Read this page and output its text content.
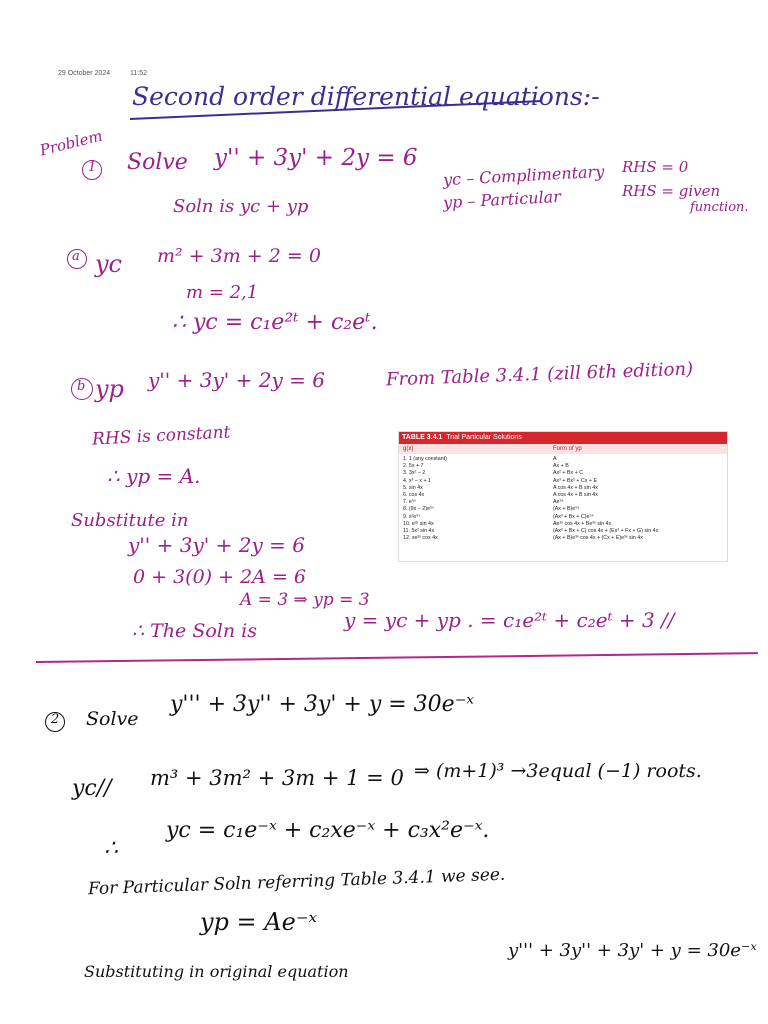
29 October 2024	11:52
Second order differential equations:-
Problem
1 Solve y'' + 3y' + 2y = 6
Soln is yc + yp
yc – Complimentary
yp – Particular
RHS = 0
RHS = given
function.
a yc m² + 3m + 2 = 0
m = 2,1
∴ yc = c₁e²ᵗ + c₂eᵗ.
b yp y'' + 3y' + 2y = 6	From Table 3.4.1 (zill 6th edition)
RHS is constant
∴ yp = A.
Substitute in
y'' + 3y' + 2y = 6
0 + 3(0) + 2A = 6
A = 3 ⇒ yp = 3
∴ The Soln is	y = yc + yp . = c₁e²ᵗ + c₂eᵗ + 3 //
TABLE 3.4.1 Trial Particular Solutions
g(x)	Form of yp
1. 1 (any constant)	A
2. 5x + 7	Ax + B
3. 3x² − 2	Ax² + Bx + C
4. x³ − x + 1	Ax³ + Bx² + Cx + E
5. sin 4x	A cos 4x + B sin 4x
6. cos 4x	A cos 4x + B sin 4x
7. e⁵ˣ	Ae⁵ˣ
8. (9x − 2)e⁵ˣ	(Ax + B)e⁵ˣ
9. x²e⁵ˣ	(Ax² + Bx + C)e⁵ˣ
10. e³ˣ sin 4x	Ae³ˣ cos 4x + Be³ˣ sin 4x
11. 5x² sin 4x	(Ax² + Bx + C) cos 4x + (Ex² + Fx + G) sin 4x
12. xe³ˣ cos 4x	(Ax + B)e³ˣ cos 4x + (Cx + E)e³ˣ sin 4x
2 Solve
y''' + 3y'' + 3y' + y = 30e⁻ˣ
yc// m³ + 3m² + 3m + 1 = 0 ⇒ (m+1)³ →3equal (−1) roots.
∴
yc = c₁e⁻ˣ + c₂xe⁻ˣ + c₃x²e⁻ˣ.
For Particular Soln referring Table 3.4.1 we see.
yp = Ae⁻ˣ
Substituting in original equation
y''' + 3y'' + 3y' + y = 30e⁻ˣ
